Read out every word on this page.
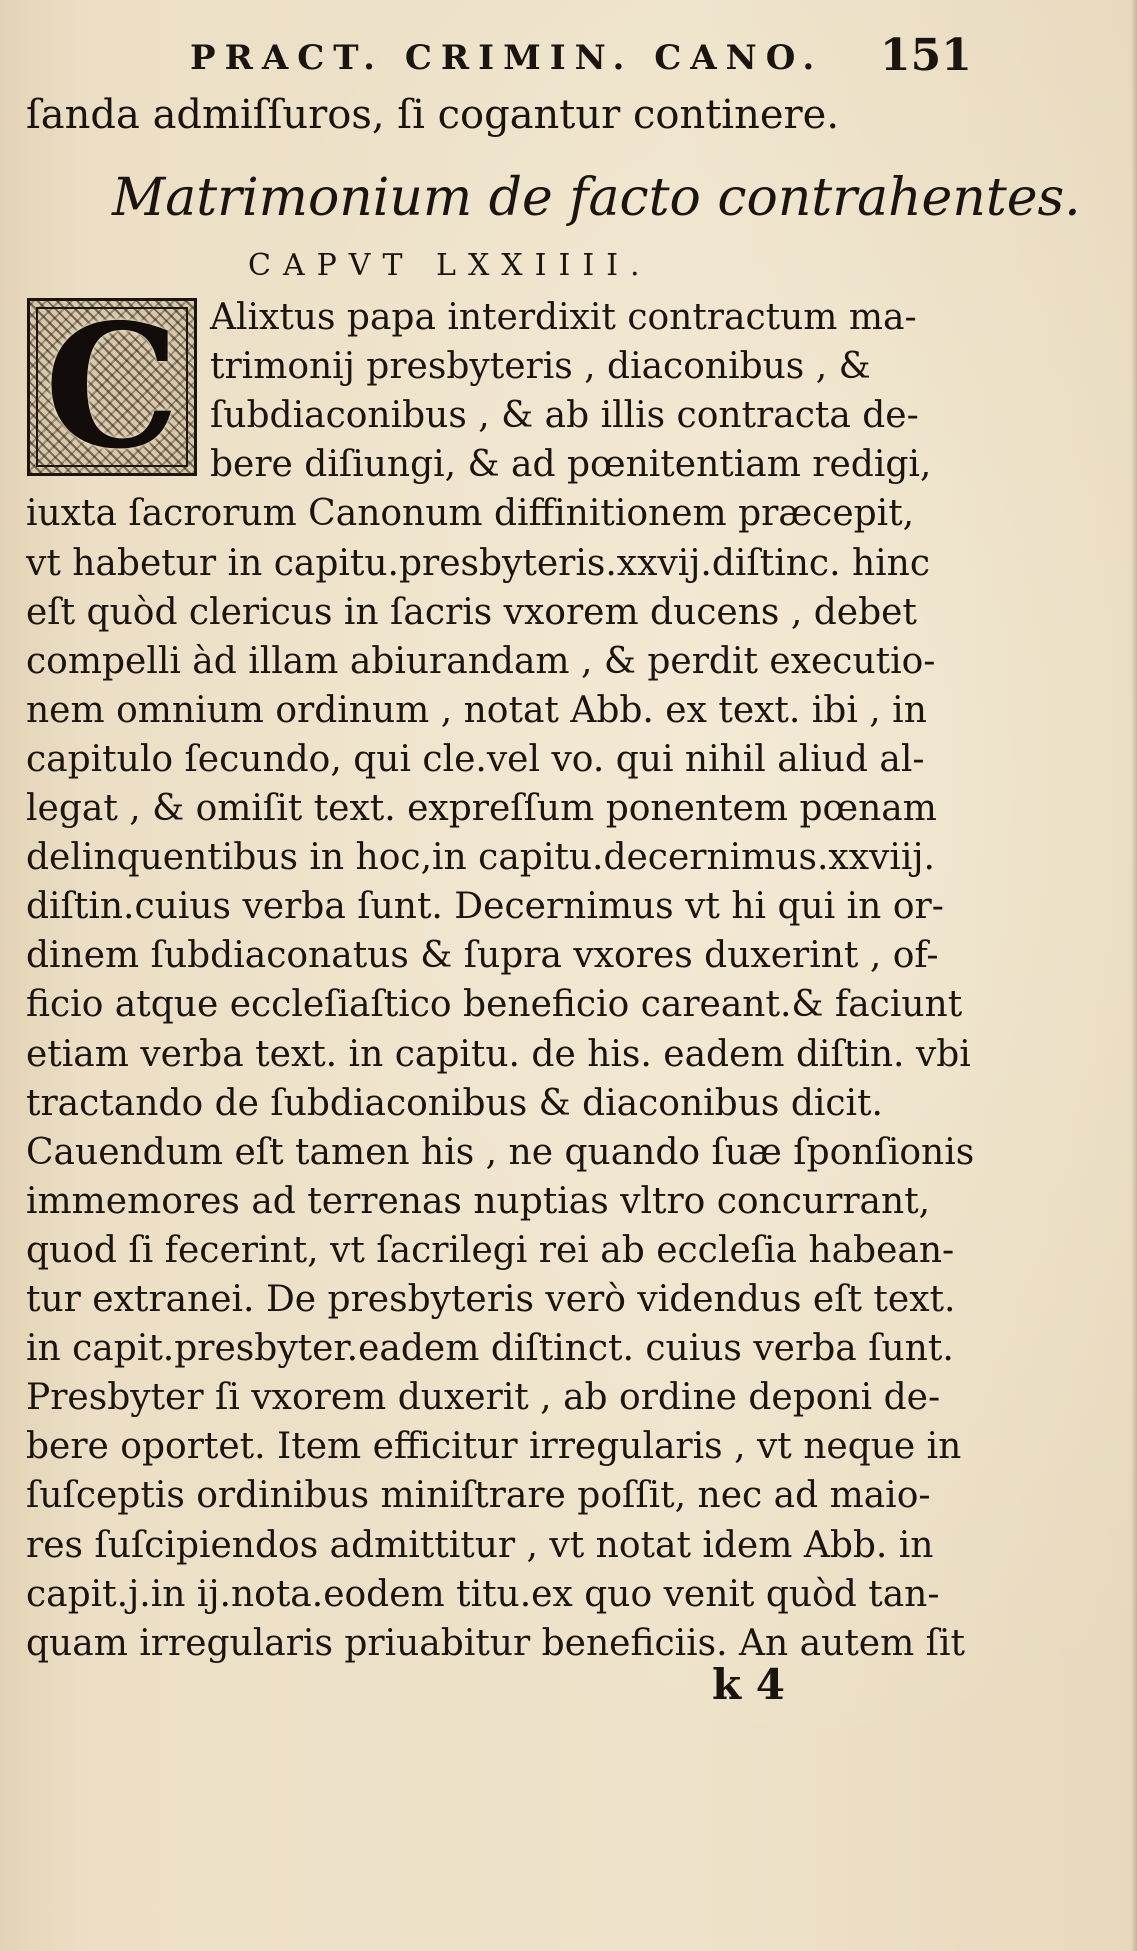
PRACT. CRIMIN. CANO. 151
ſanda admiſſuros, ſi cogantur continere.
Matrimonium de facto contrahentes.
CAPVT LXXIIII.
C Alixtus papa interdixit contractum ma-
trimonij presbyteris , diaconibus , &
ſubdiaconibus , & ab illis contracta de-
bere diſiungi, & ad pœnitentiam redigi,
iuxta ſacrorum Canonum diffinitionem præcepit,
vt habetur in capitu.presbyteris.xxvij.diſtinc. hinc
eſt quòd clericus in ſacris vxorem ducens , debet
compelli àd illam abiurandam , & perdit executio-
nem omnium ordinum , notat Abb. ex text. ibi , in
capitulo ſecundo, qui cle.vel vo. qui nihil aliud al-
legat , & omiſit text. expreſſum ponentem pœnam
delinquentibus in hoc,in capitu.decernimus.xxviij.
diſtin.cuius verba ſunt. Decernimus vt hi qui in or-
dinem ſubdiaconatus & ſupra vxores duxerint , of-
ficio atque eccleſiaſtico beneficio careant.& faciunt
etiam verba text. in capitu. de his. eadem diſtin. vbi
tractando de ſubdiaconibus & diaconibus dicit.
Cauendum eſt tamen his , ne quando ſuæ ſponſionis
immemores ad terrenas nuptias vltro concurrant,
quod ſi fecerint, vt ſacrilegi rei ab eccleſia habean-
tur extranei. De presbyteris verò videndus eſt text.
in capit.presbyter.eadem diſtinct. cuius verba ſunt.
Presbyter ſi vxorem duxerit , ab ordine deponi de-
bere oportet. Item efficitur irregularis , vt neque in
ſuſceptis ordinibus miniſtrare poſſit, nec ad maio-
res ſuſcipiendos admittitur , vt notat idem Abb. in
capit.j.in ij.nota.eodem titu.ex quo venit quòd tan-
quam irregularis priuabitur beneficiis. An autem ſit
k 4
